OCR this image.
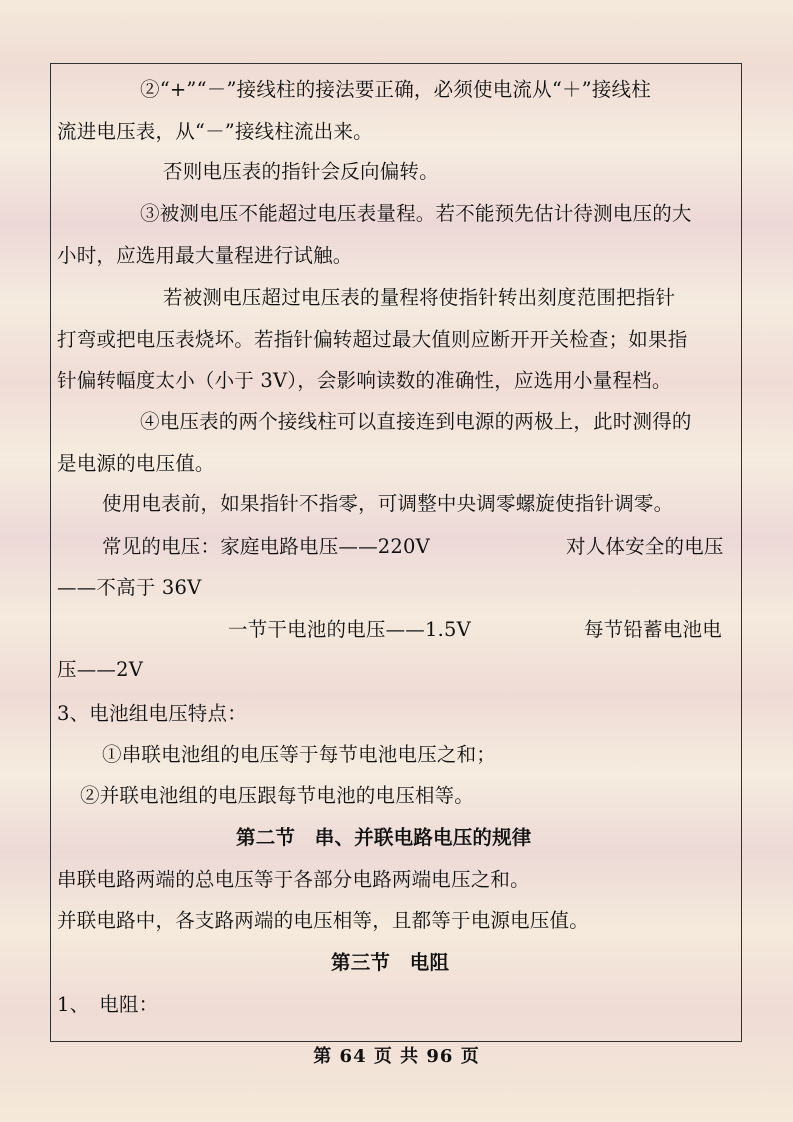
②“+”“－”接线柱的接法要正确，必须使电流从“＋”接线柱
流进电压表，从“－”接线柱流出来。
否则电压表的指针会反向偏转。
③被测电压不能超过电压表量程。若不能预先估计待测电压的大
小时，应选用最大量程进行试触。
若被测电压超过电压表的量程将使指针转出刻度范围把指针
打弯或把电压表烧坏。若指针偏转超过最大值则应断开开关检查；如果指
针偏转幅度太小（小于 3V），会影响读数的准确性，应选用小量程档。
④电压表的两个接线柱可以直接连到电源的两极上，此时测得的
是电源的电压值。
使用电表前，如果指针不指零，可调整中央调零螺旋使指针调零。
常见的电压：家庭电路电压——220V	对人体安全的电压
——不高于 36V
一节干电池的电压——1.5V	每节铅蓄电池电
压——2V
3、电池组电压特点：
①串联电池组的电压等于每节电池电压之和；
②并联电池组的电压跟每节电池的电压相等。
第二节　串、并联电路电压的规律
串联电路两端的总电压等于各部分电路两端电压之和。
并联电路中，各支路两端的电压相等，且都等于电源电压值。
第三节　电阻
1、　电阻：
第 64 页 共 96 页
